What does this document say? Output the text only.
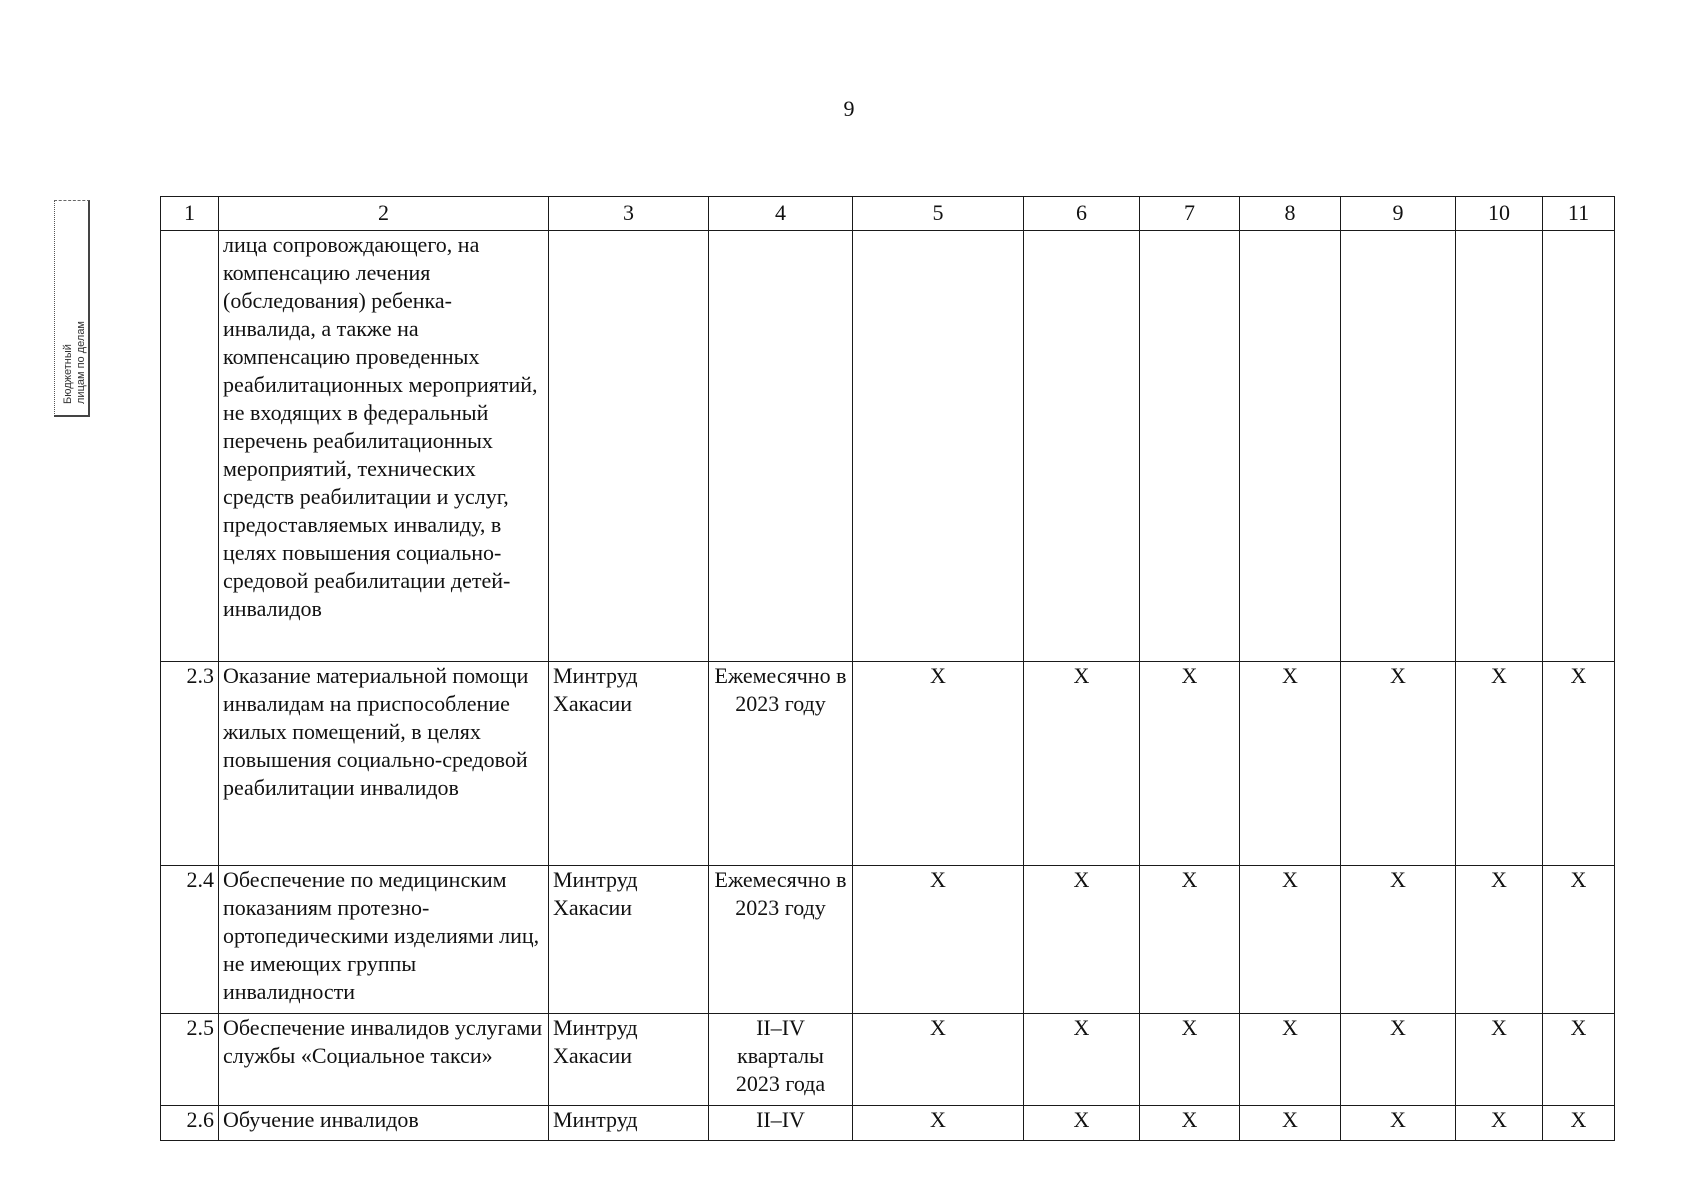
9
Бюджетный лицам по делам
1	2	3	4	5	6	7	8	9	10	11
	лица сопровождающего, на компенсацию лечения (обследования) ребенка-инвалида, а также на компенсацию проведенных реабилитационных мероприятий, не входящих в федеральный перечень реабилитационных мероприятий, технических средств реабилитации и услуг, предоставляемых инвалиду, в целях повышения социально-средовой реабилитации детей-инвалидов									
2.3	Оказание материальной помощи инвалидам на приспособление жилых помещений, в целях повышения социально-средовой реабилитации инвалидов	Минтруд Хакасии	Ежемесячно в 2023 году	X	X	X	X	X	X	X
2.4	Обеспечение по медицинским показаниям протезно-ортопедическими изделиями лиц, не имеющих группы инвалидности	Минтруд Хакасии	Ежемесячно в 2023 году	X	X	X	X	X	X	X
2.5	Обеспечение инвалидов услугами службы «Социальное такси»	Минтруд Хакасии	II–IV кварталы 2023 года	X	X	X	X	X	X	X
2.6	Обучение инвалидов	Минтруд	II–IV	X	X	X	X	X	X	X
